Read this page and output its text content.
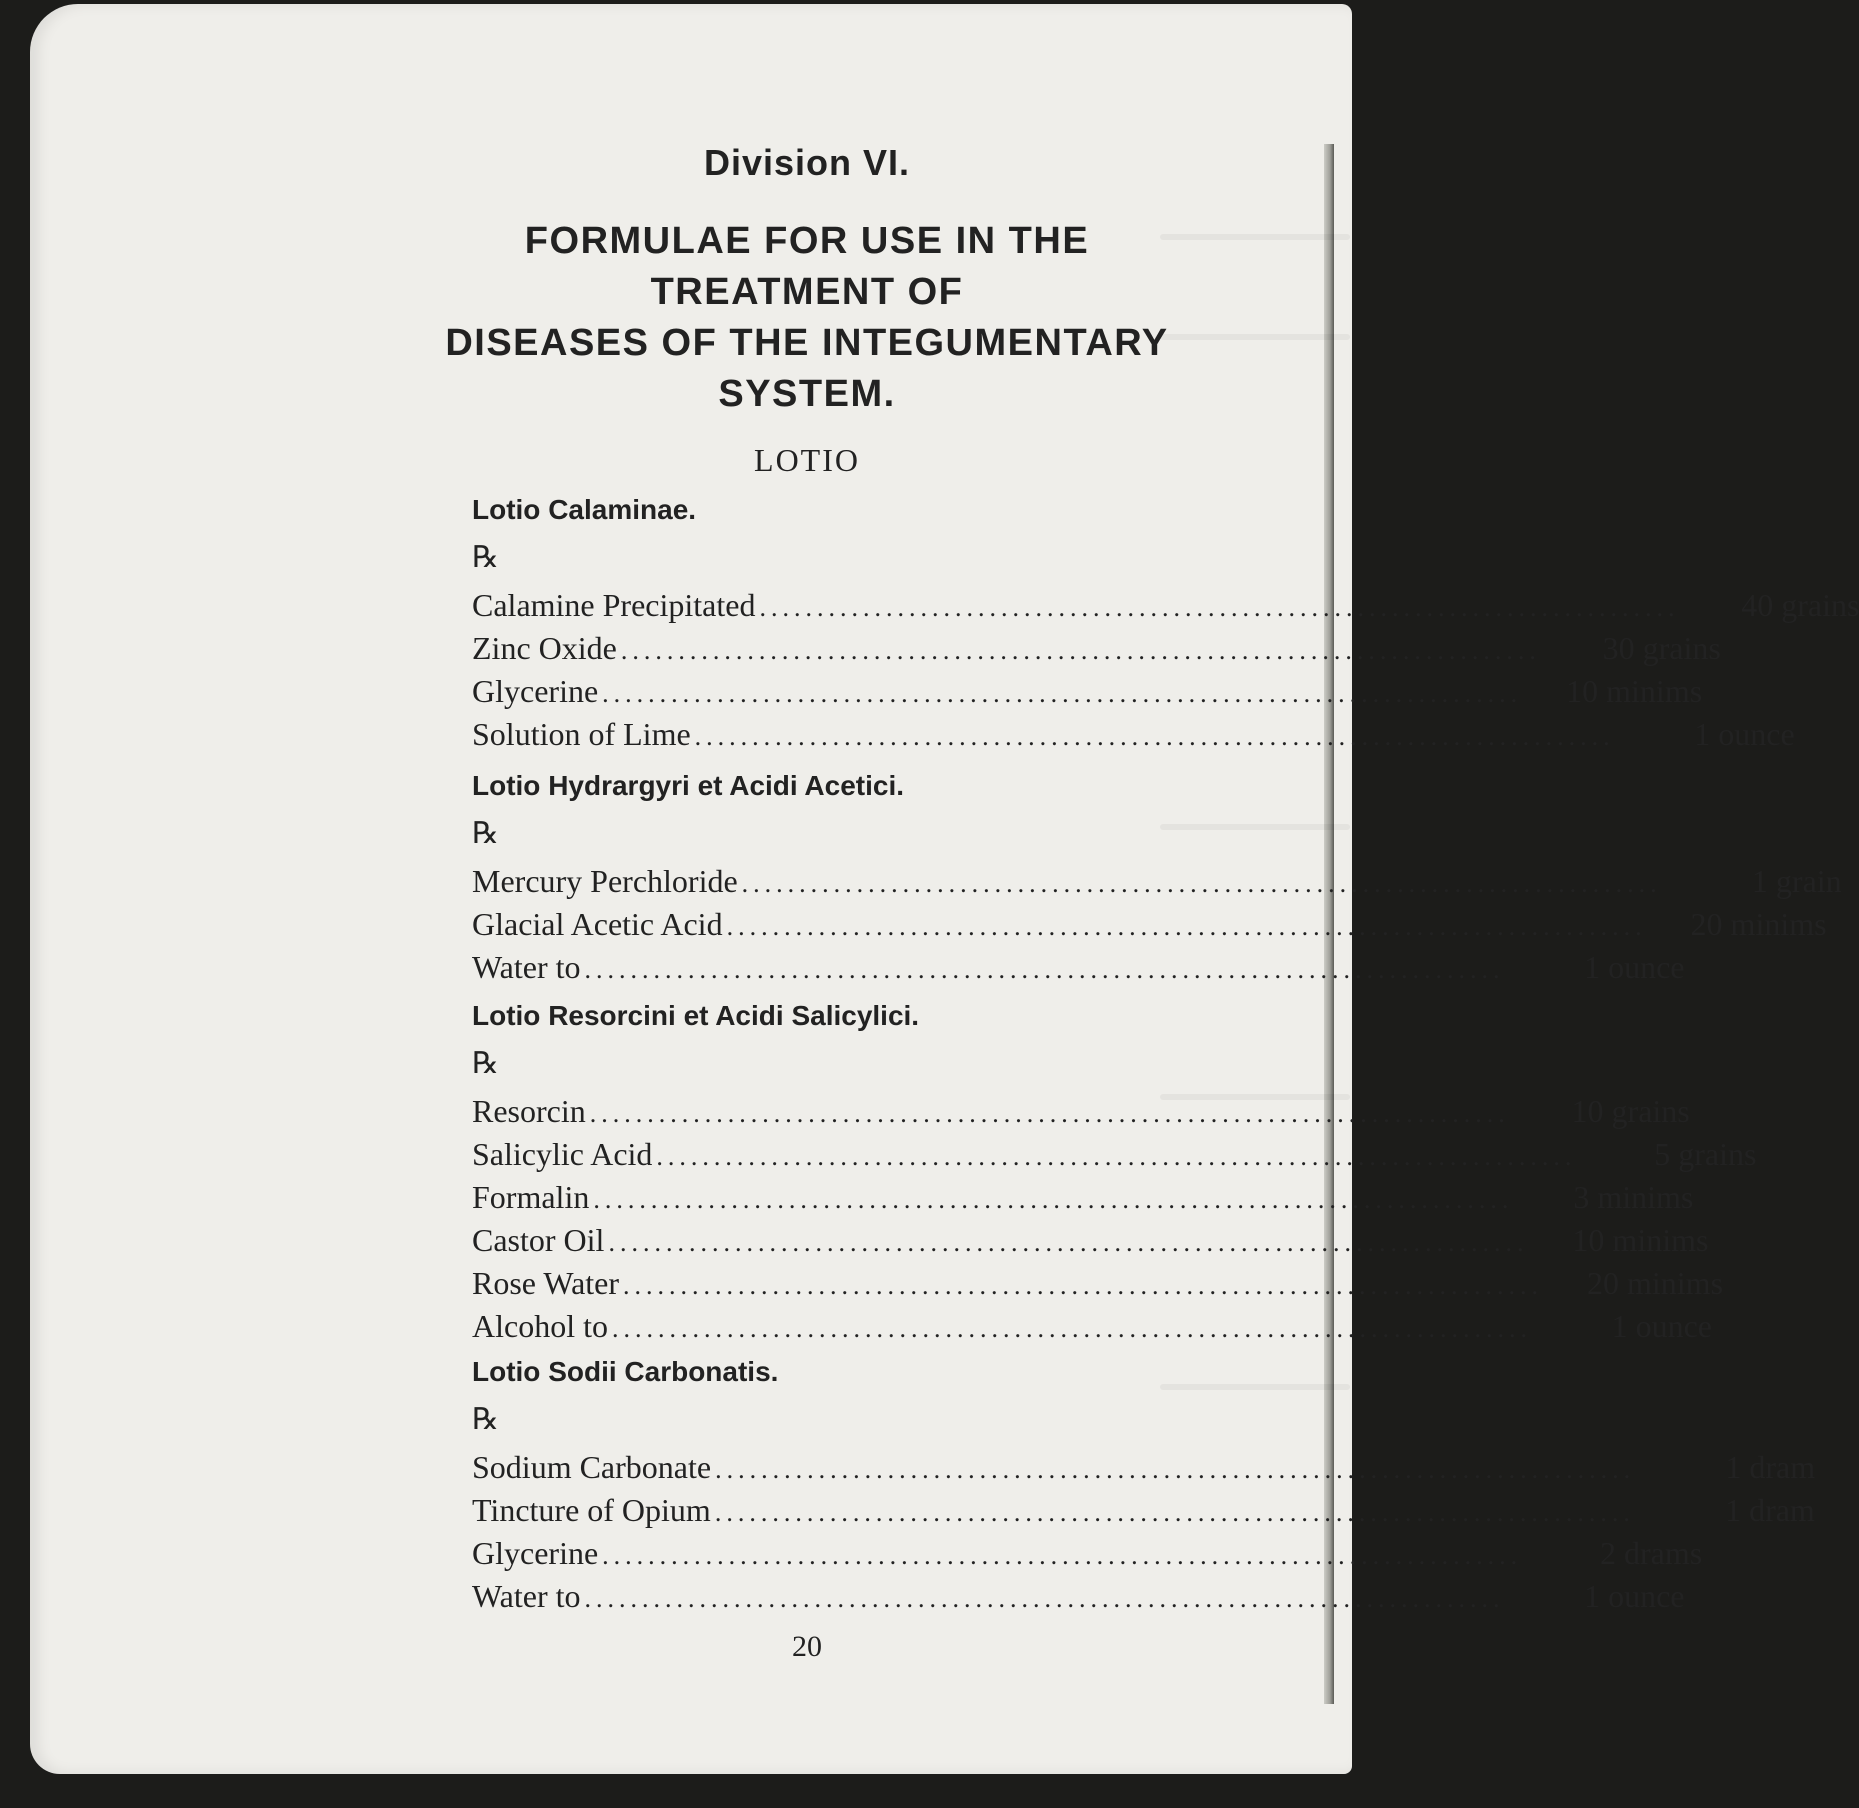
Division VI.
FORMULAE FOR USE IN THE
TREATMENT OF
DISEASES OF THE INTEGUMENTARY
SYSTEM.
LOTIO
Lotio Calaminae.
℞
Calamine Precipitated ................................................................................	40 grains
Zinc Oxide ................................................................................	30 grains
Glycerine ................................................................................	10 minims
Solution of Lime ................................................................................	1 ounce
Lotio Hydrargyri et Acidi Acetici.
℞
Mercury Perchloride ................................................................................	1 grain
Glacial Acetic Acid ................................................................................	20 minims
Water to ................................................................................	1 ounce
Lotio Resorcini et Acidi Salicylici.
℞
Resorcin ................................................................................	10 grains
Salicylic Acid ................................................................................	5 grains
Formalin ................................................................................	3 minims
Castor Oil ................................................................................	10 minims
Rose Water ................................................................................	20 minims
Alcohol to ................................................................................	1 ounce
Lotio Sodii Carbonatis.
℞
Sodium Carbonate ................................................................................	1 dram
Tincture of Opium ................................................................................	1 dram
Glycerine ................................................................................	2 drams
Water to ................................................................................	1 ounce
20
